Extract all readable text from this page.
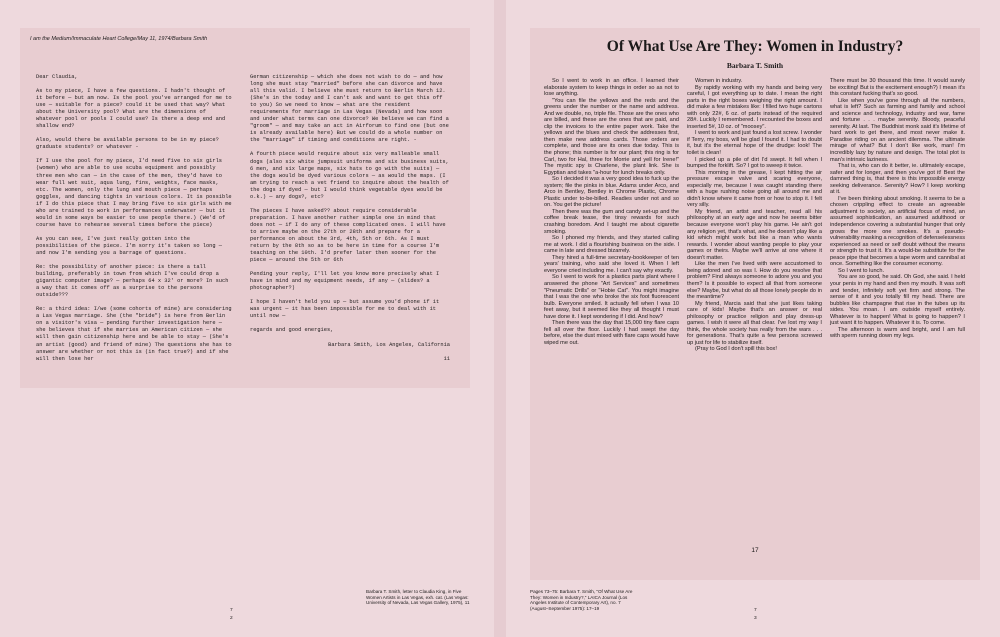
I am the Medium/Immaculate Heart College/May 11, 1974/Barbara Smith

Dear Claudia,

As to my piece, I have a few questions. I hadn't thought of it before — but am now. Is the pool you've arranged for me to use — suitable for a piece? could it be used that way? What about the University pool? What are the dimensions of whatever pool or pools I could use? Is there a deep end and shallow end?

Also, would there be available persons to be in my piece? graduate students? or whatever -

If I use the pool for my piece, I'd need five to six girls (women) who are able to use scuba equipment and possibly three men who can — in the case of the men, they'd have to wear full wet suit, aqua lung, fins, weights, face masks, etc. The women, only the lung and mouth piece — perhaps goggles, and dancing tights in various colors. It is possible if I do this piece that I may bring five to six girls with me who are trained to work in performances underwater — but it would in some ways be easier to use people there.) (We'd of course have to rehearse several times before the piece)

As you can see, I've just really gotten into the possibilities of the piece. I'm sorry it's taken so long — and now I'm sending you a barrage of questions.

Re: the possibility of another piece: is there a tall building, preferably in town from which I've could drop a gigantic computer image? — perhaps 64 x 32' or more? In such a way that it comes off as a surprise to the persons outside???

Re: a third idea: I/we (some cohorts of mine) are considering a Las Vegas marriage. She (the "bride") is here from Berlin on a visitor's visa — pending further investigation here — she believes that if she marries an American citizen — she will then gain citizenship here and be able to stay — (She's an artist (good) and friend of mine) The questions she has to answer are whether or not this is (in fact true?) and if she will then lose her

German citizenship — which she does not wish to do — and how long she must stay "married" before she can divorce and have all this valid. I believe she must return to Berlin March 12. (She's in the today and I can't ask and want to get this off to you) So we need to know — what are the resident requirements for marriage in Las Vegas (Nevada) and how soon and under what terms can one divorce? We believe we can find a "groom" — and may take an act in Airforum to find one (but one is already available here) But we could do a whole number on the "marriage" if timing and conditions are right. -

A fourth piece would require about six very malleable small dogs (also six white jumpsuit uniforms and six business suits, 6 men, and six large maps, six hats to go with the suits) — the dogs would be dyed various colors — as would the maps. (I am trying to reach a vet friend to inquire about the health of the dogs if dyed — but I would think vegetable dyes would be o.k.) — any dogs?, etc?

The pieces I have asked?? about require considerable preparation. I have another rather simple one in mind that does not — if I do any of these complicated ones. I will have to arrive maybe on the 27th or 28th and prepare for a performance on about the 3rd, 4th, 5th or 6th. As I must return by the 8th so as to be here in time for a course I'm teaching on the 10th. I'd prefer later then sooner for the piece — around the 5th or 6th

Pending your reply, I'll let you know more precisely what I have in mind and my equipment needs, if any — (slides? a photographer?)

I hope I haven't held you up — but assume you'd phone if it was urgent — it has been impossible for me to deal with it until now —

regards and good energies,

Barbara Smith, Los Angeles, California

11

7
2
Barbara T. Smith, letter to Claudia King, in Five Women Artists in Las Vegas, exh. cat. (Las Vegas: University of Nevada, Las Vegas Gallery, 1975), 11
Of What Use Are They: Women in Industry?
Barbara T. Smith

So I went to work in an office. I learned their elaborate system to keep things in order so as not to lose anything.

"You can file the yellows and the reds and the greens under the number or the name and address. And we double, no, triple file. Those are the ones who are billed, and these are the ones that are paid, and clip the invoices to the entire paper work. Take the yellows and the blues and check the addresses first, then make new address cards. Those orders are complete, and those are its ones due today. This is the phone; this number is for our plant; this ring is for Carl, two for Hal, three for Morrie and yell for Irene!" The mystic spy is Charlene, the plant link. She is Egyptian and takes "a-hour for lunch breaks only.

So I decided it was a very good idea to fuck up the system; file the pinks in blue. Adams under Arco, and Arco in Bentley, Bentley in Chrome Plastic, Chrome Plastic under to-be-billed. Readies under not and so on. You get the picture!

Then there was the gum and candy set-up and the coffee break tease, the tinsy rewards for such crashing boredom. And I taught me about cigarette smoking.

So I phoned my friends, and they started calling me at work. I did a flourishing business on the side. I came in late and dressed bizarrely.

They hired a full-time secretary-bookkeeper of ten years' training, who said she loved it. When I left everyone cried including me. I can't say why exactly.

So I went to work for a plastics parts plant where I answered the phone "Art Services" and sometimes "Pneumatic Drills" or "Hobie Cat". You might imagine that I was the one who broke the six foot fluorescent bulb. Everyone smiled. It actually fell when I was 10 feet away, but it seemed like they all thought I must have done it. I kept wondering if I did. And how?

Then there was the day that 15,000 tiny flare caps fell all over the floor. Luckily I had swept the day before, else the dust mixed with flare caps would have wiped me out.

Women in industry.

By rapidly working with my hands and being very careful, I got everything up to date. I mean the right parts in the right boxes weighing the right amount. I did make a few mistakes like: I filled two huge cartons with only 22#, 6 oz. of parts instead of the required 28#. Luckily I remembered. I recounted the boxes and inserted 5#, 10 oz. of "moosey".

I went to work and just found a lost screw. I wonder if Terry, my boss, will be glad I found it. I had to doubt it, but it's the eternal hope of the drudge: look! The toilet is clean!

I picked up a pile of dirt I'd swept. It fell when I bumped the forklift. So? I got to sweep it twice.

This morning in the grease, I kept hitting the air pressure escape valve and scaring everyone, especially me, because I was caught standing there with a huge rushing noise going all around me and didn't know where it came from or how to stop it. I felt very silly.

My friend, an artist and teacher, read all his philosophy at an early age and now he seems bitter because everyone won't play his game. He ain't got any religion yet, that's what, and he doesn't play like a kid which might work but like a man who wants rewards. I wonder about wanting people to play your games or theirs. Maybe we'll arrive at one where it doesn't matter.

Like the men I've lived with were accustomed to being adored and so was I. How do you resolve that problem? Find always someone to adore you and you them? Is it possible to expect all that from someone else? Maybe, but what do all those lonely people do in the meantime?

My friend, Marcia said that she just likes taking care of kids! Maybe that's an answer or real philosophy or practice religion and play dress-up games. I wish it were all that clear. I've lost my way I think, the whole society has really from the wars . . . for generations. That's quite a few persons screwed up just for life to stabilize itself.

(Pray to God I don't spill this box!

There must be 30 thousand this time. It would surely be exciting! But is the excitement enough?) I mean it's this constant fucking that's so good.

Like when you've gone through all the numbers, what is left? Such as farming and family and school and science and technology, industry and war, fame and fortune . . . maybe serenity. Bloody, peaceful serenity. At last. The Buddhist monk said it's lifetime of hard work to get there, and most never make it. Paradise riding on an ancient dilemma. The ultimate mirage of what? But I don't like work, man! I'm incredibly lazy by nature and design. The total plot is man's intrinsic laziness.

That is, who can do it better, ie. ultimately escape, safer and for longer, and then you've got it! Best the damned thing is, that there is this impossible energy seeking deliverance. Serenity? How? I keep working at it.

I've been thinking about smoking. It seems to be a chosen crippling effect to create an agreeable adjustment to society, an artificial focus of mind, an assumed sophistication, an assumed adulthood or independence covering a substantial hunger that only grows the more one smokes. It's a pseudo-vulnerability masking a recognition of defenselessness experienced as need or self doubt without the means or strength to trust it. It's a would-be substitute for the peace pipe that becomes a tape worm and cannibal at once. Something like the consumer economy.

So I went to lunch.

You are so good, he said. Oh God, she said. I held your penis in my hand and then my mouth. It was soft and tender, infinitely soft yet firm and strong. The sense of it and you totally fill my head. There are bubbles like champagne that rise in the tubes up its sides. You moan. I am outside myself entirely. Whatever is to happen! What is going to happen? I just want it to happen. Whatever it is. To come.

The afternoon is warm and bright, and I am full with sperm running down my legs.

17
Pages 73–75: Barbara T. Smith, "Of What Use Are They: Women in Industry?," LAICA Journal (Los Angeles Institute of Contemporary Art), no. 7 (August–September 1975): 17–19	7
3
